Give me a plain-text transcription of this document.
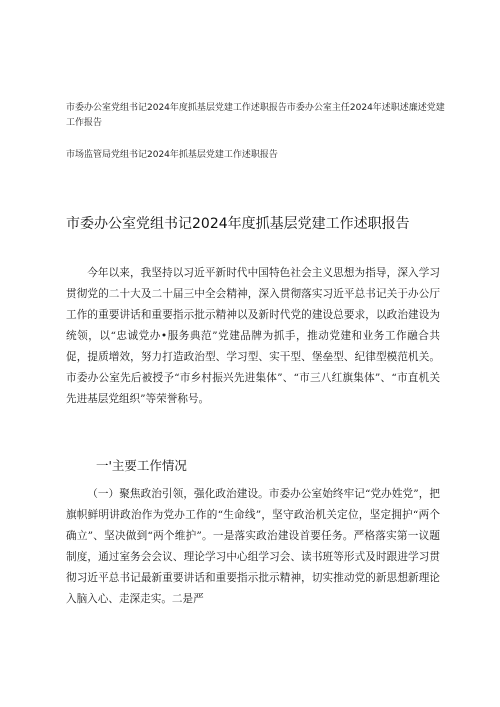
市委办公室党组书记2024年度抓基层党建工作述职报告市委办公室主任2024年述职述廉述党建工作报告
市场监管局党组书记2024年抓基层党建工作述职报告
市委办公室党组书记2024年度抓基层党建工作述职报告
今年以来，我坚持以习近平新时代中国特色社会主义思想为指导，深入学习贯彻党的二十大及二十届三中全会精神，深入贯彻落实习近平总书记关于办公厅工作的重要讲话和重要指示批示精神以及新时代党的建设总要求，以政治建设为统领，以“忠诚党办•服务典范”党建品牌为抓手，推动党建和业务工作融合共促，提质增效，努力打造政治型、学习型、实干型、堡垒型、纪律型模范机关。市委办公室先后被授予“市乡村振兴先进集体”、“市三八红旗集体”、“市直机关先进基层党组织”等荣誉称号。
一'主要工作情况
（一）聚焦政治引领，强化政治建设。市委办公室始终牢记“党办姓党”，把旗帜鲜明讲政治作为党办工作的“生命线”，坚守政治机关定位，坚定拥护“两个确立”、坚决做到“两个维护”。一是落实政治建设首要任务。严格落实第一议题制度，通过室务会会议、理论学习中心组学习会、读书班等形式及时跟进学习贯彻习近平总书记最新重要讲话和重要指示批示精神，切实推动党的新思想新理论入脑入心、走深走实。二是严
